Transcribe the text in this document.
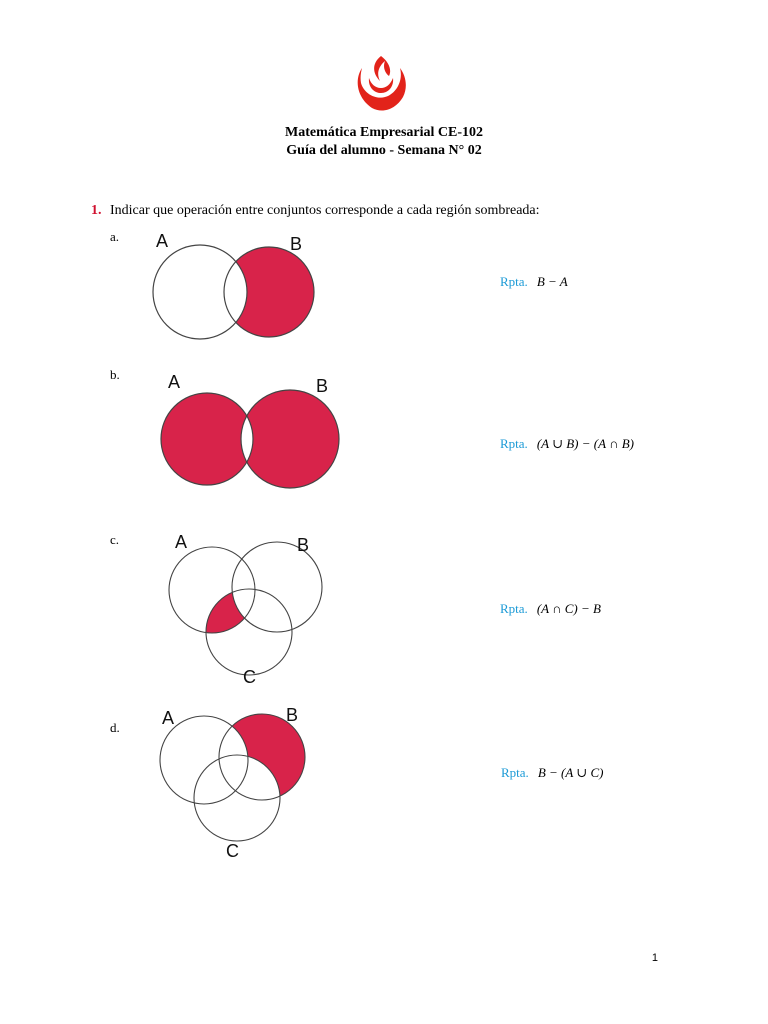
Matemática Empresarial CE-102
Guía del alumno - Semana N° 02
1. Indicar que operación entre conjuntos corresponde a cada región sombreada:
a. A	B
Rpta. B − A
b.	A	B
Rpta. (A ∪ B) − (A ∩ B)
c.	A	B
C
Rpta. (A ∩ C) − B
d. A	B
C
Rpta. B − (A ∪ C)
1
